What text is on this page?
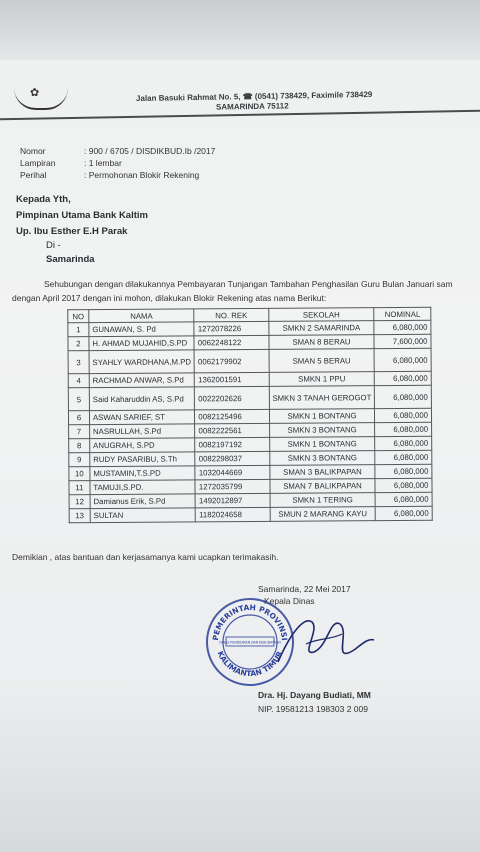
✿	Jalan Basuki Rahmat No. 5, ☎ (0541) 738429, Faximile 738429
SAMARINDA 75112
Nomor	: 900 / 6705 / DISDIKBUD.Ib /2017
Lampiran	: 1 lembar
Perihal	: Permohonan Blokir Rekening
Kepada Yth,
Pimpinan Utama Bank Kaltim
Up. Ibu Esther E.H Parak
Di -
Samarinda
Sehubungan dengan dilakukannya Pembayaran Tunjangan Tambahan Penghasilan Guru Bulan Januari sam
dengan April 2017 dengan ini mohon, dilakukan Blokir Rekening atas nama Berikut:
NO	NAMA	NO. REK	SEKOLAH	NOMINAL
1	GUNAWAN, S. Pd	1272078226	SMKN 2 SAMARINDA	6,080,000
2	H. AHMAD MUJAHID,S.PD	0062248122	SMAN 8 BERAU	7,600,000
3	SYAHLY WARDHANA,M.PD	0062179902	SMAN 5 BERAU	6,080,000
4	RACHMAD ANWAR, S.Pd	1362001591	SMKN 1 PPU	6,080,000
5	Said Kaharuddin AS, S.Pd	0022202626	SMKN 3 TANAH GEROGOT	6,080,000
6	ASWAN SARIEF, ST	0082125496	SMKN 1 BONTANG	6,080,000
7	NASRULLAH, S.Pd	0082222561	SMKN 3 BONTANG	6,080,000
8	ANUGRAH, S.PD	0082197192	SMKN 1 BONTANG	6,080,000
9	RUDY PASARIBU, S.Th	0082298037	SMKN 3 BONTANG	6,080,000
10	MUSTAMIN,T.S.PD	1032044669	SMAN 3 BALIKPAPAN	6,080,000
11	TAMUJI,S.PD.	1272035799	SMAN 7 BALIKPAPAN	6,080,000
12	Damianus Erik, S.Pd	1492012897	SMKN 1 TERING	6,080,000
13	SULTAN	1182024658	SMUN 2 MARANG KAYU	6,080,000
Demikian , atas bantuan dan kerjasamanya kami ucapkan terimakasih.
Samarinda, 22 Mei 2017
Kepala Dinas
PEMERINTAH PROVINSI
KALIMANTAN TIMUR
DINAS PENDIDIKAN DAN KEBUDAYAAN
Dra. Hj. Dayang Budiati, MM
NIP. 19581213 198303 2 009
